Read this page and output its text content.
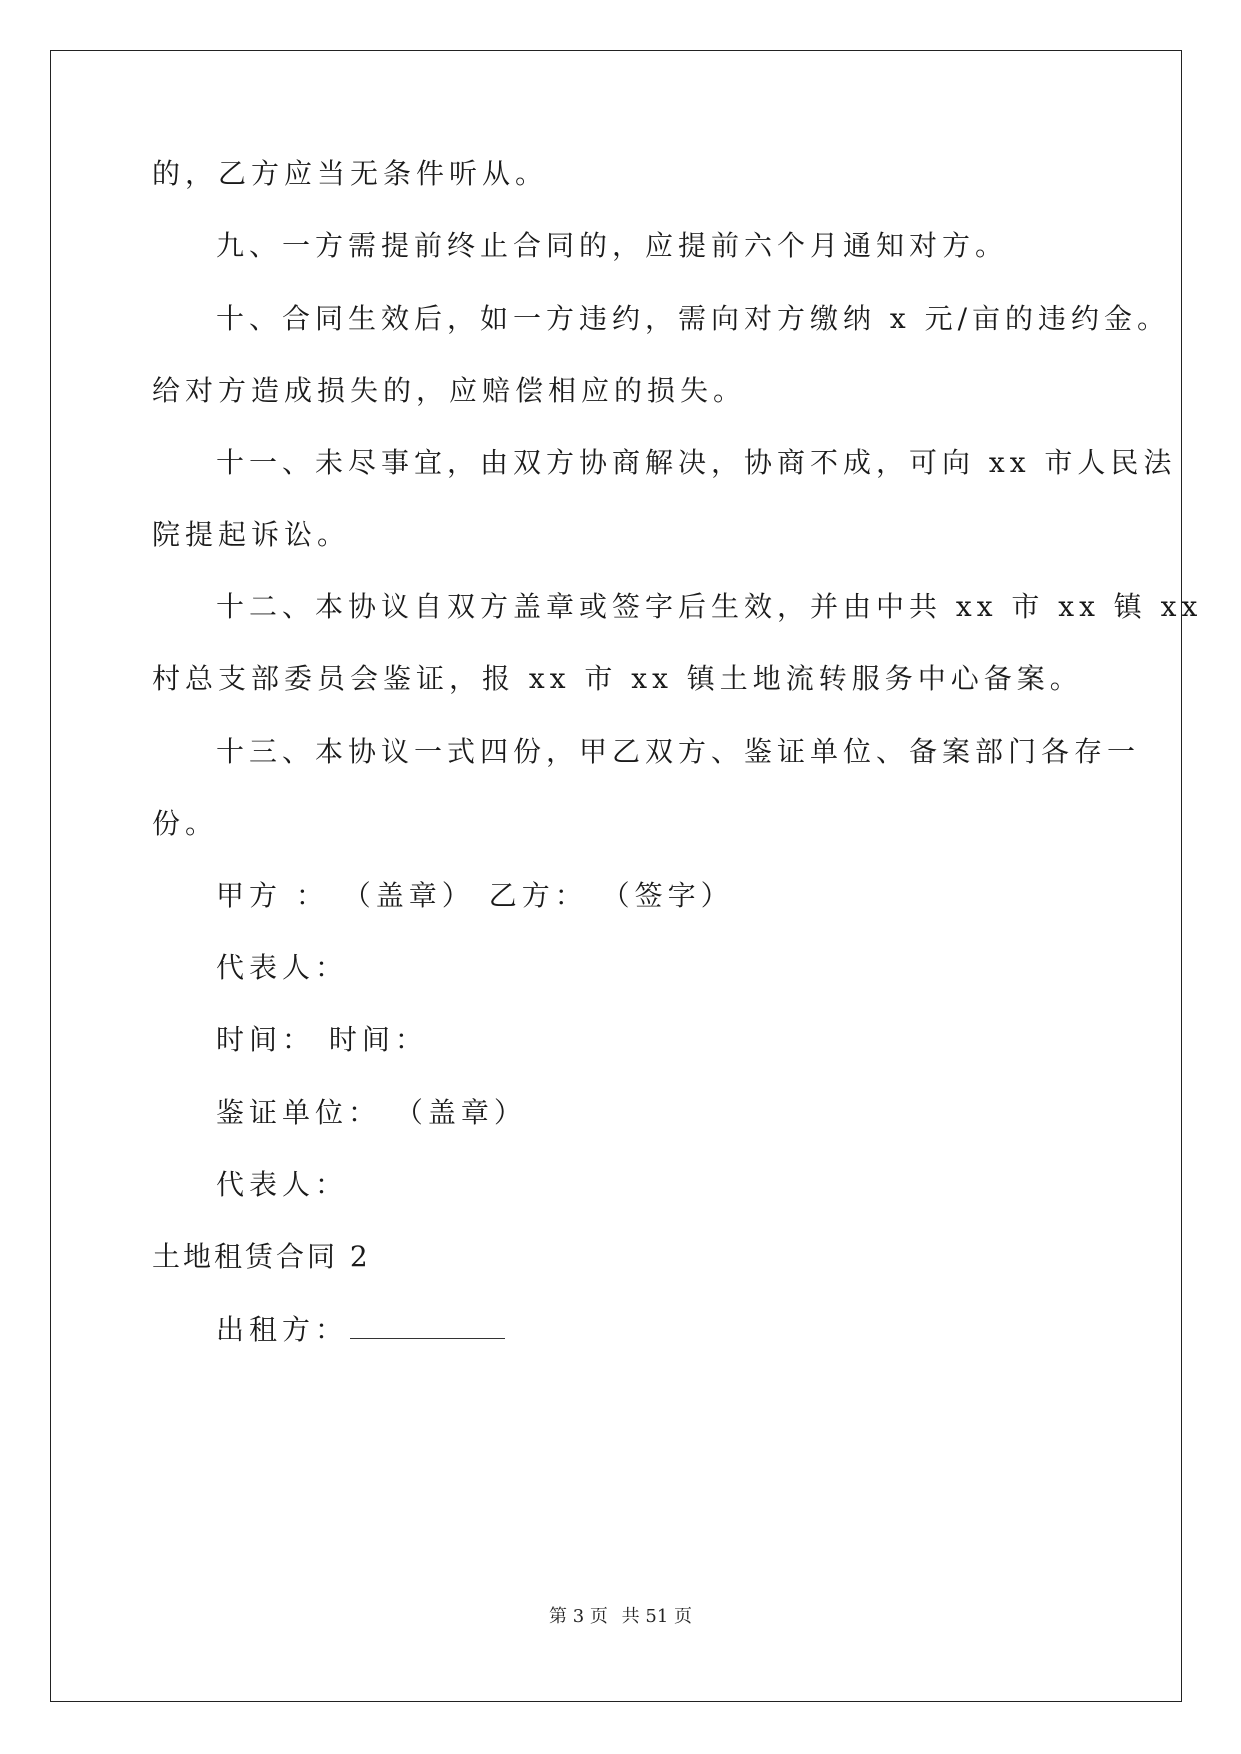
的，乙方应当无条件听从。
九、一方需提前终止合同的，应提前六个月通知对方。
十、合同生效后，如一方违约，需向对方缴纳 x 元/亩的违约金。
给对方造成损失的，应赔偿相应的损失。
十一、未尽事宜，由双方协商解决，协商不成，可向 xx 市人民法
院提起诉讼。
十二、本协议自双方盖章或签字后生效，并由中共 xx 市 xx 镇 xx
村总支部委员会鉴证，报 xx 市 xx 镇土地流转服务中心备案。
十三、本协议一式四份，甲乙双方、鉴证单位、备案部门各存一
份。
甲方 ： （盖章） 乙方： （签字）
代表人：
时间： 时间：
鉴证单位： （盖章）
代表人：
土地租赁合同 2
出租方：
第 3 页 共 51 页
